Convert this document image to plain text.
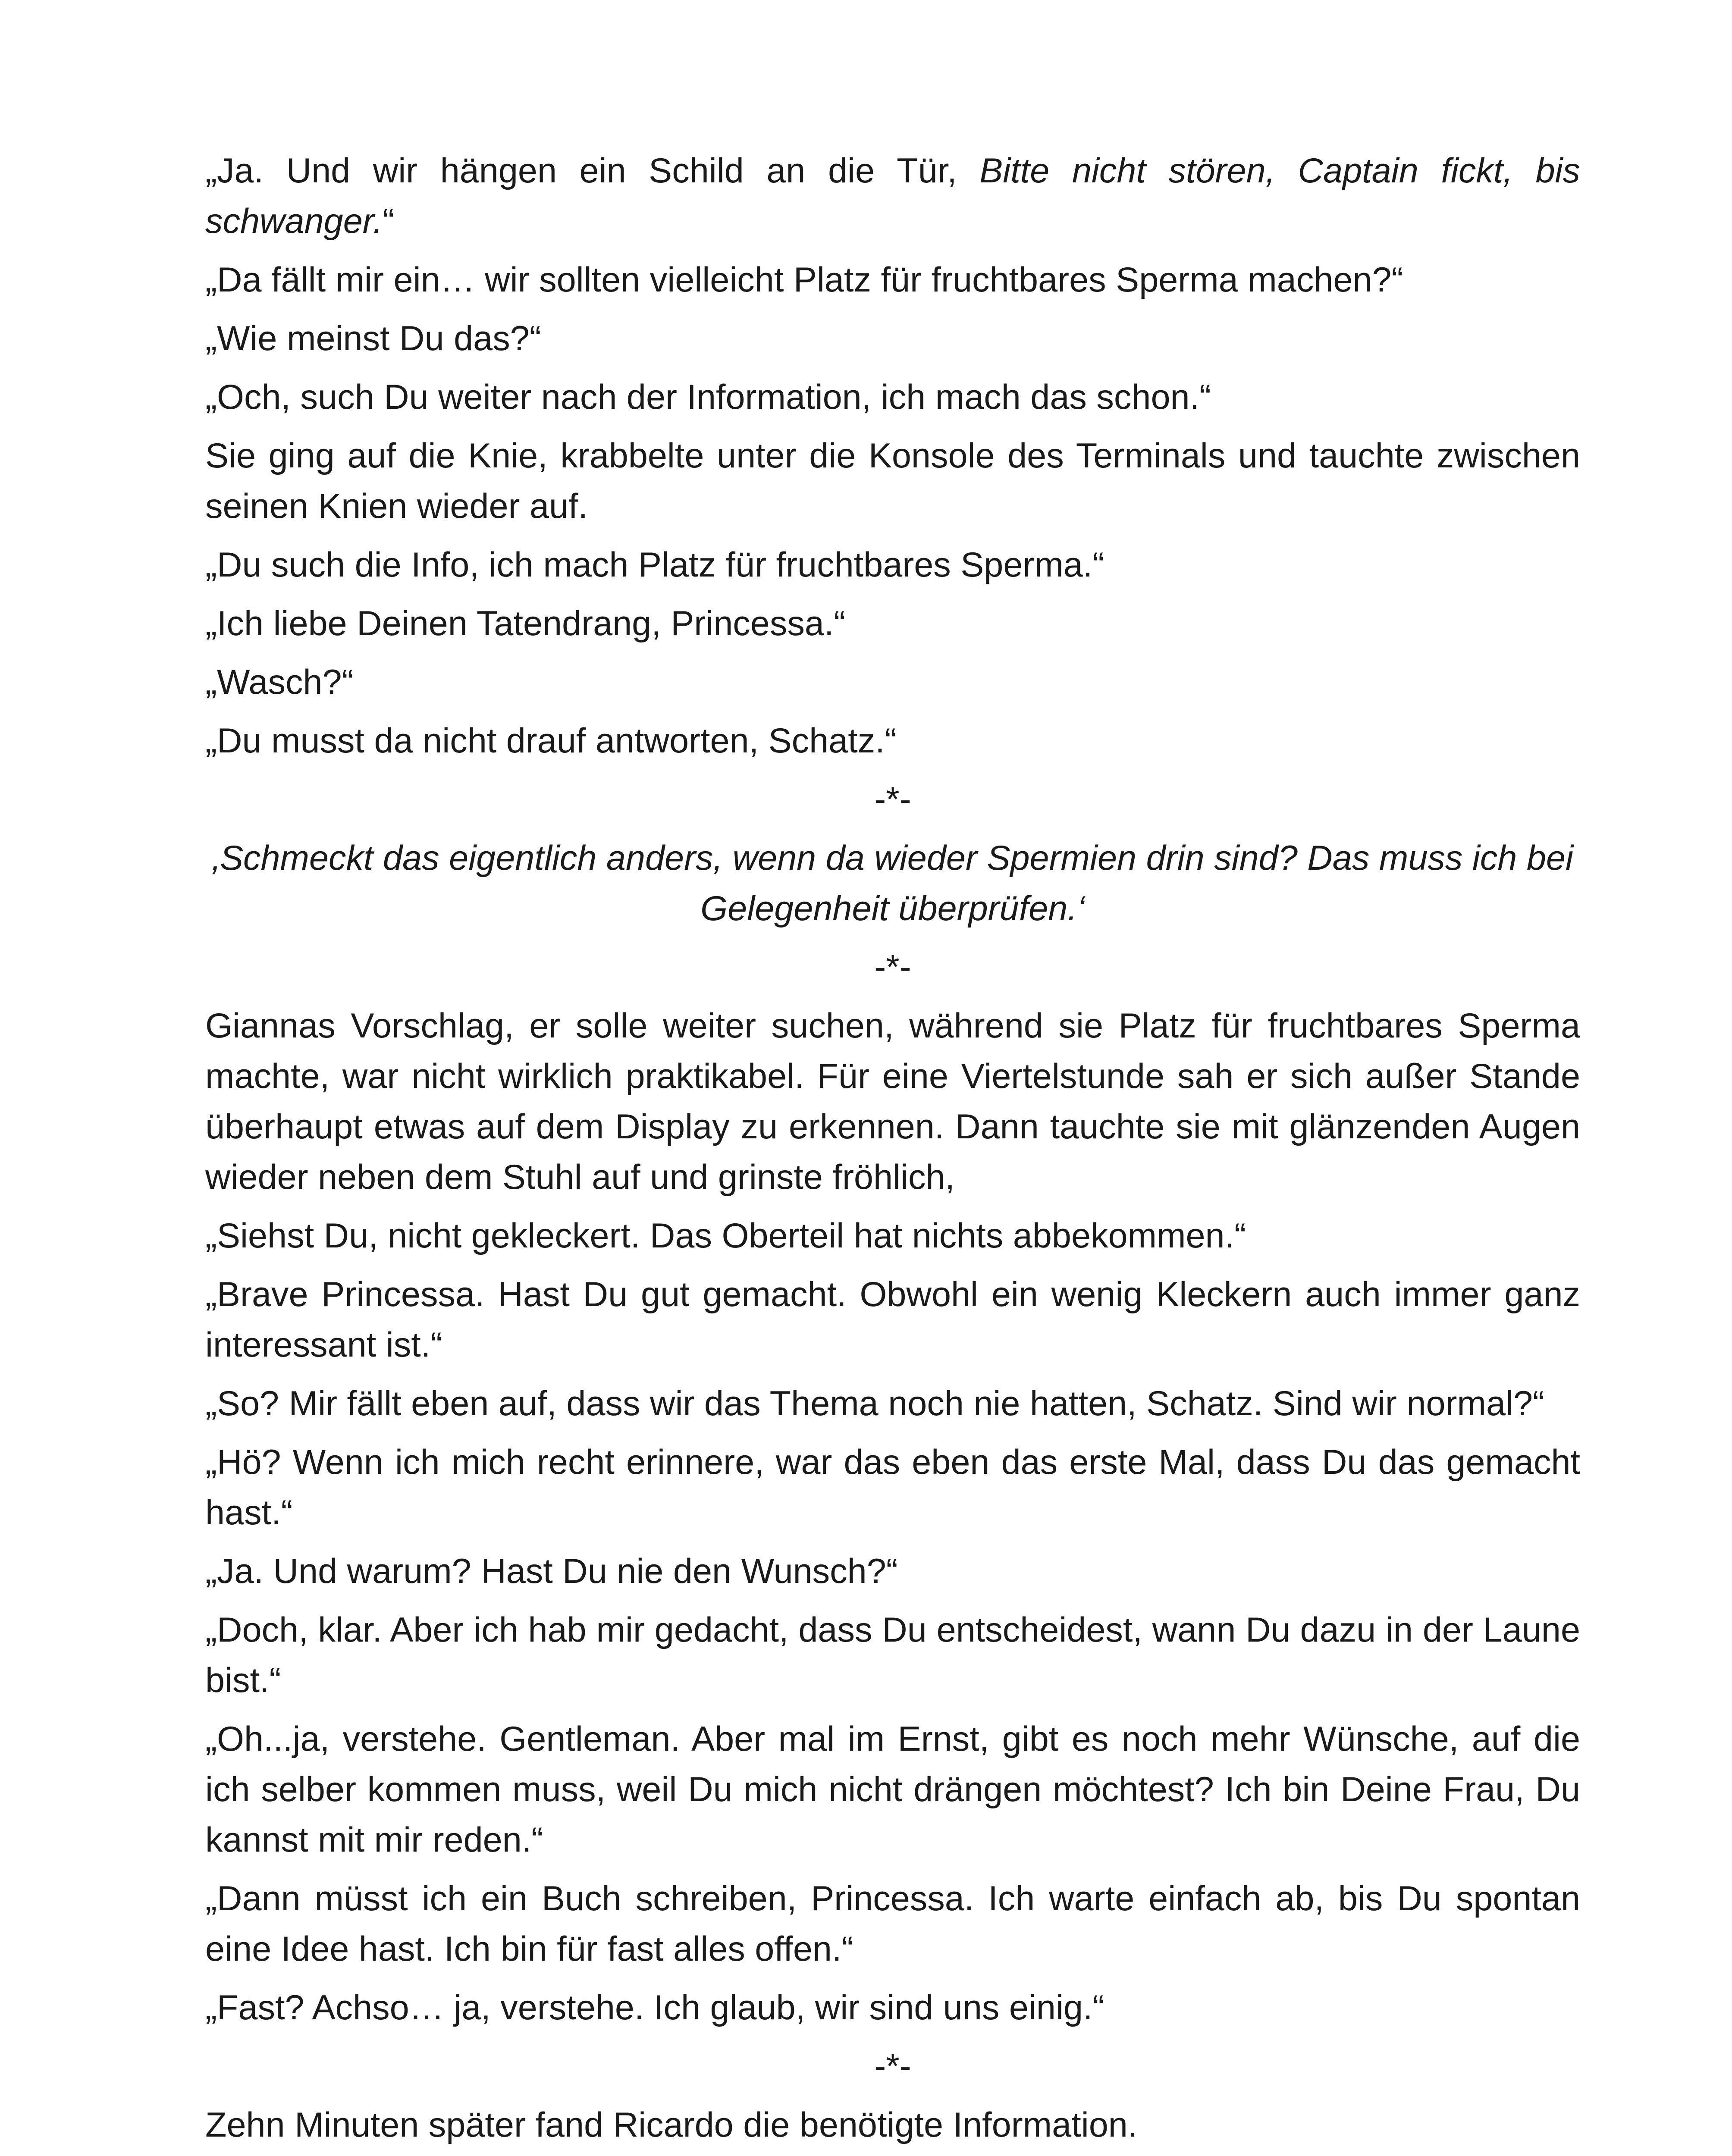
„Ja. Und wir hängen ein Schild an die Tür, Bitte nicht stören, Captain fickt, bis schwanger.“

„Da fällt mir ein… wir sollten vielleicht Platz für fruchtbares Sperma machen?“

„Wie meinst Du das?“

„Och, such Du weiter nach der Information, ich mach das schon.“

Sie ging auf die Knie, krabbelte unter die Konsole des Terminals und tauchte zwischen seinen Knien wieder auf.

„Du such die Info, ich mach Platz für fruchtbares Sperma.“

„Ich liebe Deinen Tatendrang, Princessa.“

„Wasch?“

„Du musst da nicht drauf antworten, Schatz.“

-*-

‚Schmeckt das eigentlich anders, wenn da wieder Spermien drin sind? Das muss ich bei Gelegenheit überprüfen.‘

-*-

Giannas Vorschlag, er solle weiter suchen, während sie Platz für fruchtbares Sperma machte, war nicht wirklich praktikabel. Für eine Viertelstunde sah er sich außer Stande überhaupt etwas auf dem Display zu erkennen. Dann tauchte sie mit glänzenden Augen wieder neben dem Stuhl auf und grinste fröhlich,

„Siehst Du, nicht gekleckert. Das Oberteil hat nichts abbekommen.“

„Brave Princessa. Hast Du gut gemacht. Obwohl ein wenig Kleckern auch immer ganz interessant ist.“

„So? Mir fällt eben auf, dass wir das Thema noch nie hatten, Schatz. Sind wir normal?“

„Hö? Wenn ich mich recht erinnere, war das eben das erste Mal, dass Du das gemacht hast.“

„Ja. Und warum? Hast Du nie den Wunsch?“

„Doch, klar. Aber ich hab mir gedacht, dass Du entscheidest, wann Du dazu in der Laune bist.“

„Oh...ja, verstehe. Gentleman. Aber mal im Ernst, gibt es noch mehr Wünsche, auf die ich selber kommen muss, weil Du mich nicht drängen möchtest? Ich bin Deine Frau, Du kannst mit mir reden.“

„Dann müsst ich ein Buch schreiben, Princessa. Ich warte einfach ab, bis Du spontan eine Idee hast. Ich bin für fast alles offen.“

„Fast? Achso… ja, verstehe. Ich glaub, wir sind uns einig.“

-*-

Zehn Minuten später fand Ricardo die benötigte Information.
